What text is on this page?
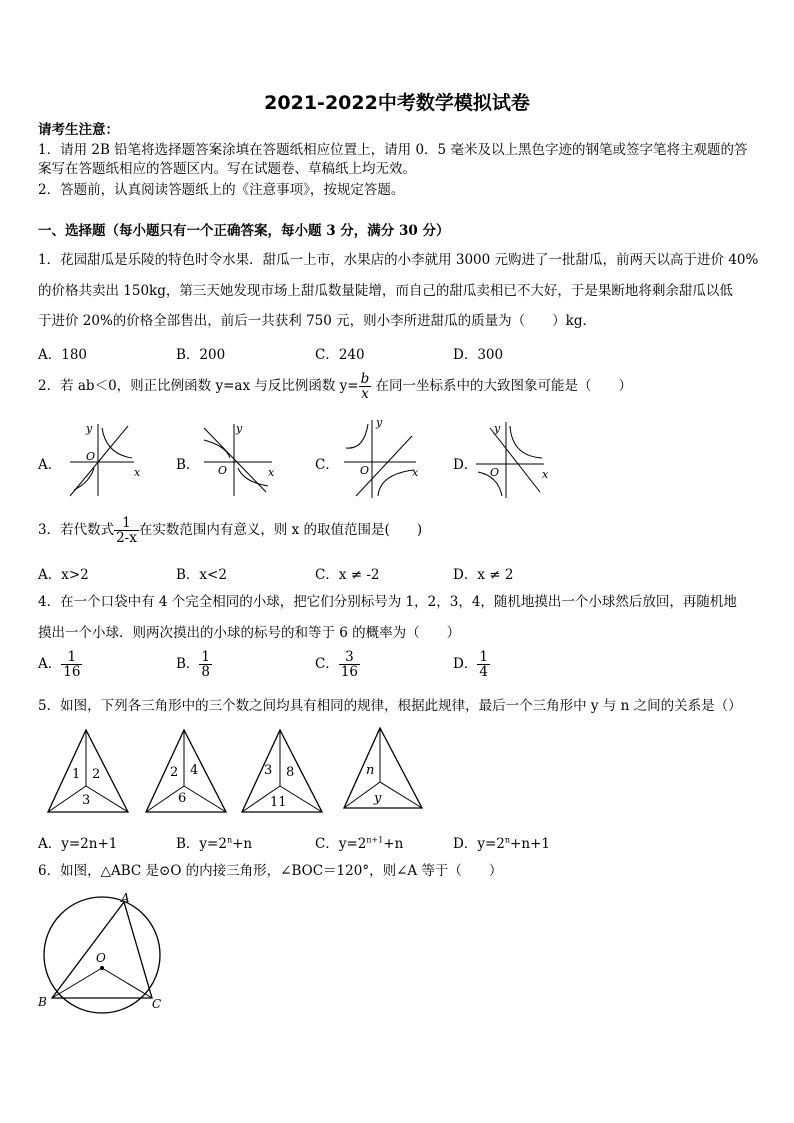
2021-2022中考数学模拟试卷
请考生注意：
1．请用 2B 铅笔将选择题答案涂填在答题纸相应位置上，请用 0．5 毫米及以上黑色字迹的钢笔或签字笔将主观题的答
案写在答题纸相应的答题区内。写在试题卷、草稿纸上均无效。
2．答题前，认真阅读答题纸上的《注意事项》，按规定答题。
一、选择题（每小题只有一个正确答案，每小题 3 分，满分 30 分）
1．花园甜瓜是乐陵的特色时令水果．甜瓜一上市，水果店的小李就用 3000 元购进了一批甜瓜，前两天以高于进价 40%
的价格共卖出 150kg，第三天她发现市场上甜瓜数量陡增，而自己的甜瓜卖相已不大好，于是果断地将剩余甜瓜以低
于进价 20%的价格全部售出，前后一共获利 750 元，则小李所进甜瓜的质量为（　　）kg．
A．180	B．200	C．240	D．300
2．若 ab＜0，则正比例函数 y=ax 与反比例函数 $y= \frac{b}{x}$ 在同一坐标系中的大致图象可能是（　　）
A．	B．	C．	D．
y
O
x
y
O	x
y
O	x
y
O	x
3．若代数式 $\frac{1}{2-x}$ 在实数范围内有意义，则 x 的取值范围是(　　)
A．x>2	B．x<2	C．x ≠ -2	D．x ≠ 2
4．在一个口袋中有 4 个完全相同的小球，把它们分别标号为 1，2，3，4，随机地摸出一个小球然后放回，再随机地
摸出一个小球．则两次摸出的小球的标号的和等于 6 的概率为（　　）
A． $\frac{1}{16}$	B． $\frac{1}{8}$	C． $\frac{3}{16}$	D． $\frac{1}{4}$
5．如图，下列各三角形中的三个数之间均具有相同的规律，根据此规律，最后一个三角形中 y 与 n 之间的关系是（）
1 2
3
2 4
6
3 8
11
n
y
A．y=2n+1	B．$y=2^n+n$	C．$y=2^{n+1}+n$	D．$y=2^n+n+1$
6．如图，△ABC 是⊙O 的内接三角形，∠BOC＝120°，则∠A 等于（　　）
A
B	C
O
